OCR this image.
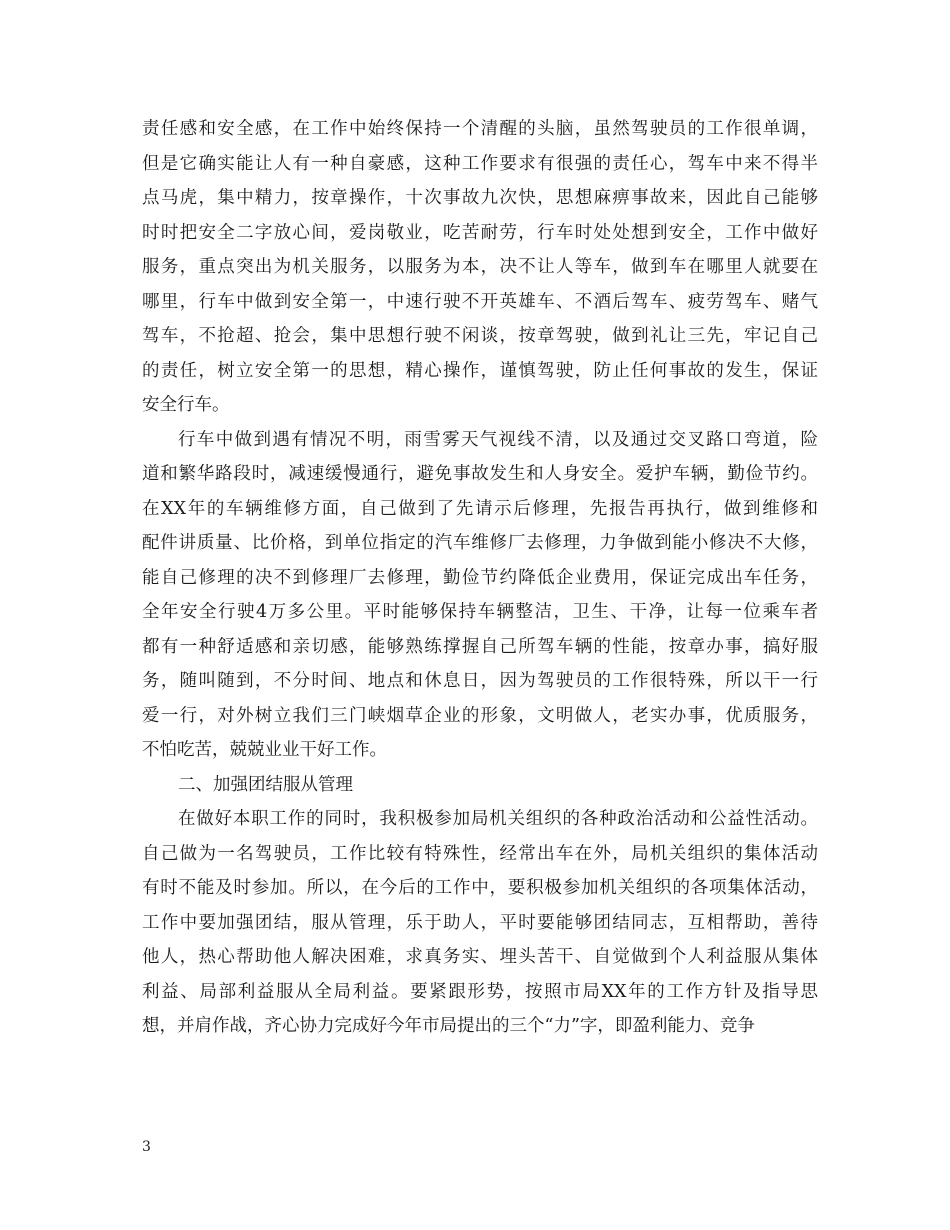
责任感和安全感，在工作中始终保持一个清醒的头脑，虽然驾驶员的工作很单调，
但是它确实能让人有一种自豪感，这种工作要求有很强的责任心，驾车中来不得半
点马虎，集中精力，按章操作，十次事故九次快，思想麻痹事故来，因此自己能够
时时把安全二字放心间，爱岗敬业，吃苦耐劳，行车时处处想到安全，工作中做好
服务，重点突出为机关服务，以服务为本，决不让人等车，做到车在哪里人就要在
哪里，行车中做到安全第一，中速行驶不开英雄车、不酒后驾车、疲劳驾车、赌气
驾车，不抢超、抢会，集中思想行驶不闲谈，按章驾驶，做到礼让三先，牢记自己
的责任，树立安全第一的思想，精心操作，谨慎驾驶，防止任何事故的发生，保证
安全行车。
行车中做到遇有情况不明，雨雪雾天气视线不清，以及通过交叉路口弯道，险
道和繁华路段时，减速缓慢通行，避免事故发生和人身安全。爱护车辆，勤俭节约。
在XX年的车辆维修方面，自己做到了先请示后修理，先报告再执行，做到维修和
配件讲质量、比价格，到单位指定的汽车维修厂去修理，力争做到能小修决不大修，
能自己修理的决不到修理厂去修理，勤俭节约降低企业费用，保证完成出车任务，
全年安全行驶4万多公里。平时能够保持车辆整洁，卫生、干净，让每一位乘车者
都有一种舒适感和亲切感，能够熟练撑握自己所驾车辆的性能，按章办事，搞好服
务，随叫随到，不分时间、地点和休息日，因为驾驶员的工作很特殊，所以干一行
爱一行，对外树立我们三门峡烟草企业的形象，文明做人，老实办事，优质服务，
不怕吃苦，兢兢业业干好工作。
二、加强团结服从管理
在做好本职工作的同时，我积极参加局机关组织的各种政治活动和公益性活动。
自己做为一名驾驶员，工作比较有特殊性，经常出车在外，局机关组织的集体活动
有时不能及时参加。所以，在今后的工作中，要积极参加机关组织的各项集体活动，
工作中要加强团结，服从管理，乐于助人，平时要能够团结同志，互相帮助，善待
他人，热心帮助他人解决困难，求真务实、埋头苦干、自觉做到个人利益服从集体
利益、局部利益服从全局利益。要紧跟形势，按照市局XX年的工作方针及指导思
想，并肩作战，齐心协力完成好今年市局提出的三个“力”字，即盈利能力、竞争
3
